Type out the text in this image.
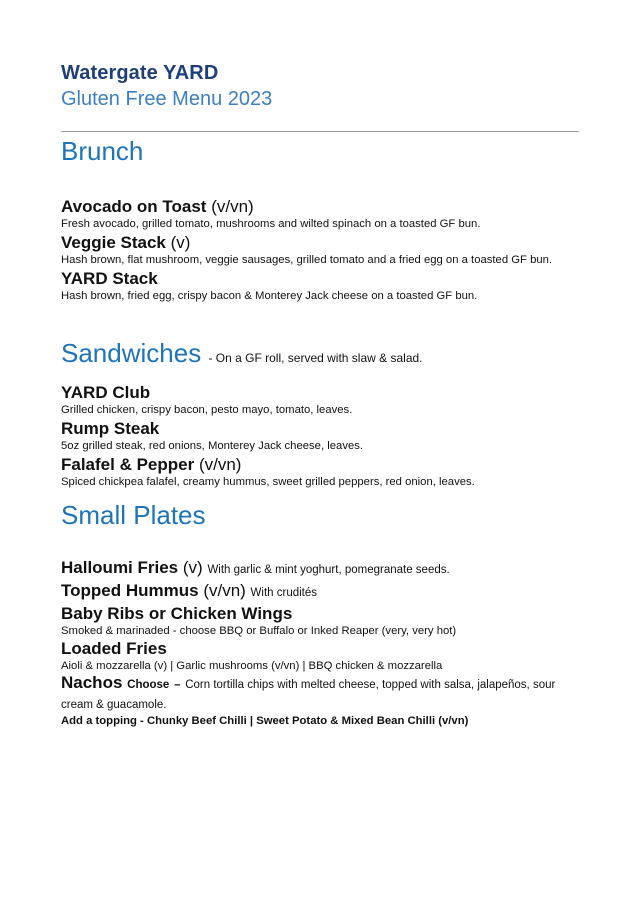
Watergate YARD
Gluten Free Menu 2023
Brunch
Avocado on Toast (v/vn)
Fresh avocado, grilled tomato, mushrooms and wilted spinach on a toasted GF bun.
Veggie Stack (v)
Hash brown, flat mushroom, veggie sausages, grilled tomato and a fried egg on a toasted GF bun.
YARD Stack
Hash brown, fried egg, crispy bacon & Monterey Jack cheese on a toasted GF bun.
Sandwiches - On a GF roll, served with slaw & salad.
YARD Club
Grilled chicken, crispy bacon, pesto mayo, tomato, leaves.
Rump Steak
5oz grilled steak, red onions, Monterey Jack cheese, leaves.
Falafel & Pepper (v/vn)
Spiced chickpea falafel, creamy hummus, sweet grilled peppers, red onion, leaves.
Small Plates
Halloumi Fries (v) With garlic & mint yoghurt, pomegranate seeds.
Topped Hummus (v/vn) With crudités
Baby Ribs or Chicken Wings
Smoked & marinaded - choose BBQ or Buffalo or Inked Reaper (very, very hot)
Loaded Fries
Aioli & mozzarella (v) | Garlic mushrooms (v/vn) | BBQ chicken & mozzarella
Nachos Choose – Corn tortilla chips with melted cheese, topped with salsa, jalapeños, sour cream & guacamole.
Add a topping - Chunky Beef Chilli | Sweet Potato & Mixed Bean Chilli (v/vn)
